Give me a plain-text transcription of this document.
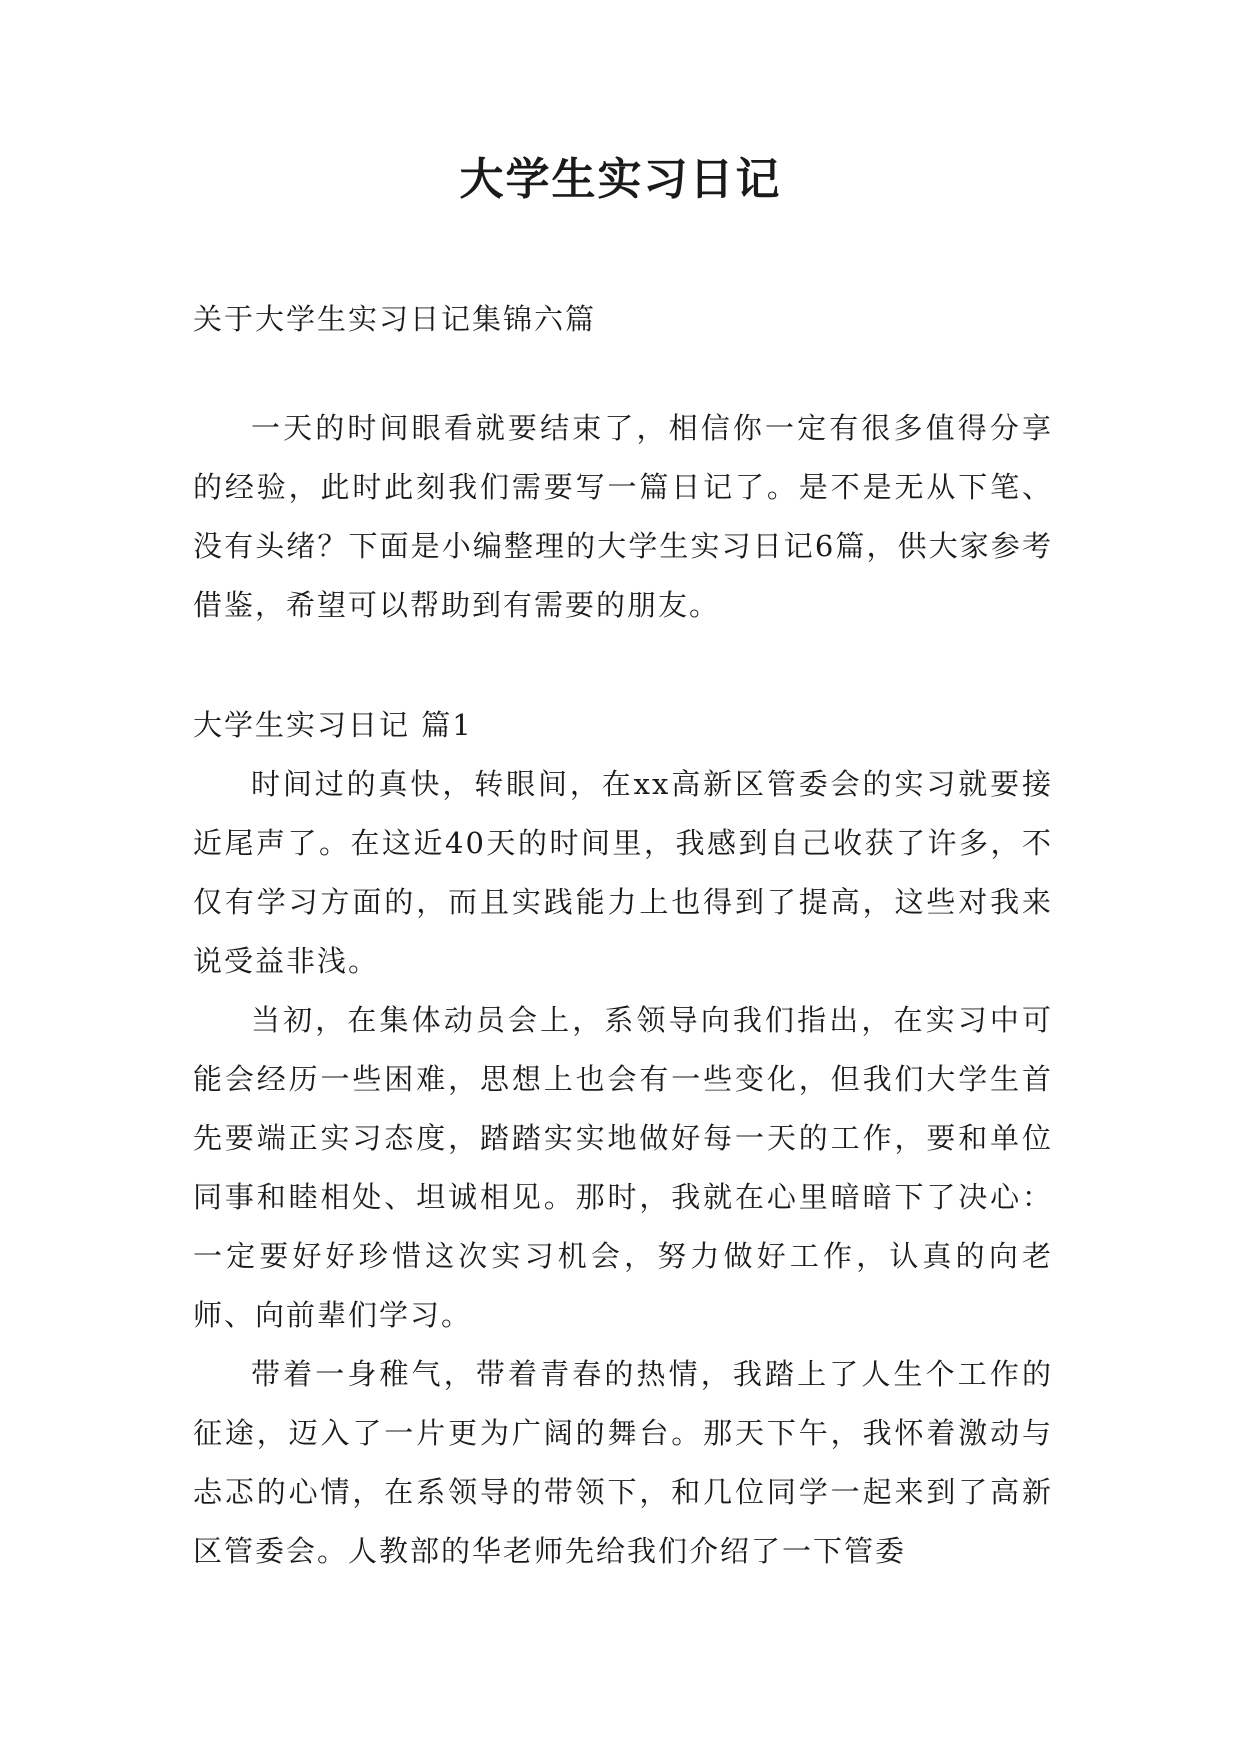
大学生实习日记
关于大学生实习日记集锦六篇

一天的时间眼看就要结束了，相信你一定有很多值得分享的经验，此时此刻我们需要写一篇日记了。是不是无从下笔、没有头绪？下面是小编整理的大学生实习日记6篇，供大家参考借鉴，希望可以帮助到有需要的朋友。

大学生实习日记 篇1

时间过的真快，转眼间，在xx高新区管委会的实习就要接近尾声了。在这近40天的时间里，我感到自己收获了许多，不仅有学习方面的，而且实践能力上也得到了提高，这些对我来说受益非浅。

当初，在集体动员会上，系领导向我们指出，在实习中可能会经历一些困难，思想上也会有一些变化，但我们大学生首先要端正实习态度，踏踏实实地做好每一天的工作，要和单位同事和睦相处、坦诚相见。那时，我就在心里暗暗下了决心：一定要好好珍惜这次实习机会，努力做好工作，认真的向老师、向前辈们学习。

带着一身稚气，带着青春的热情，我踏上了人生个工作的征途，迈入了一片更为广阔的舞台。那天下午，我怀着激动与忐忑的心情，在系领导的带领下，和几位同学一起来到了高新区管委会。人教部的华老师先给我们介绍了一下管委
